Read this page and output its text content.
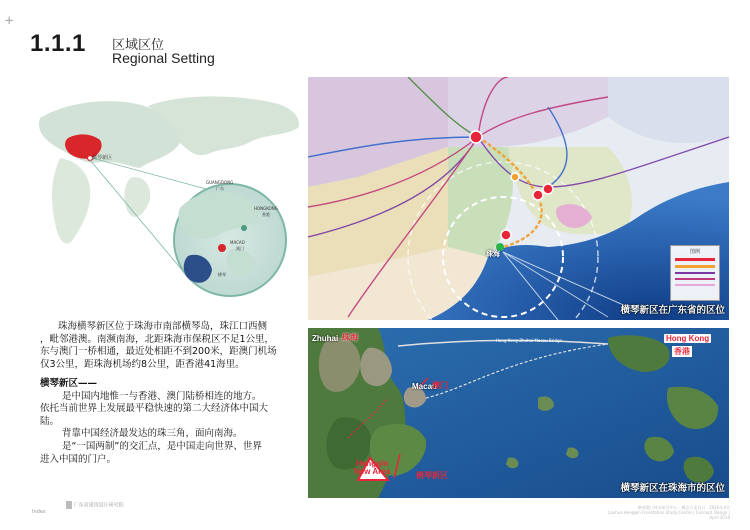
+
1.1.1 区域区位
Regional Setting
横琴新区
GUANGDONG
广东
HONGKONG
香港
MACAO
澳门
横琴
珠海横琴新区位于珠海市南部横琴岛，珠江口西侧
，毗邻港澳。南濒南海，北距珠海市保税区不足1公里，
东与澳门一桥相通，最近处相距不到200米，距澳门机场
仅3公里，距珠海机场约8公里，距香港41海里。
横琴新区——
是中国内地惟一与香港、澳门陆桥相连的地方。
依托当前世界上发展最平稳快速的第二大经济体中国大
陆。
背靠中国经济最发达的珠三角，面向南海。
是“一国两制”的交汇点，是中国走向世界、世界
进入中国的门户。
图例
珠海
横琴新区在广东省的区位
Zhuhai 珠海	Hong Kong
香港
Hong Kong-Zhuhai-Macau Bridge
Macau
澳门
Hengqin
New Area	横琴新区
横琴新区在珠海市的区位
Index
广东省建筑设计研究院	横琴澳门林业研究中心 · 概念方案设计 · 2016年4月
Lanhua Hengqin Forestation Study Centre | Concept Design | April 2016
